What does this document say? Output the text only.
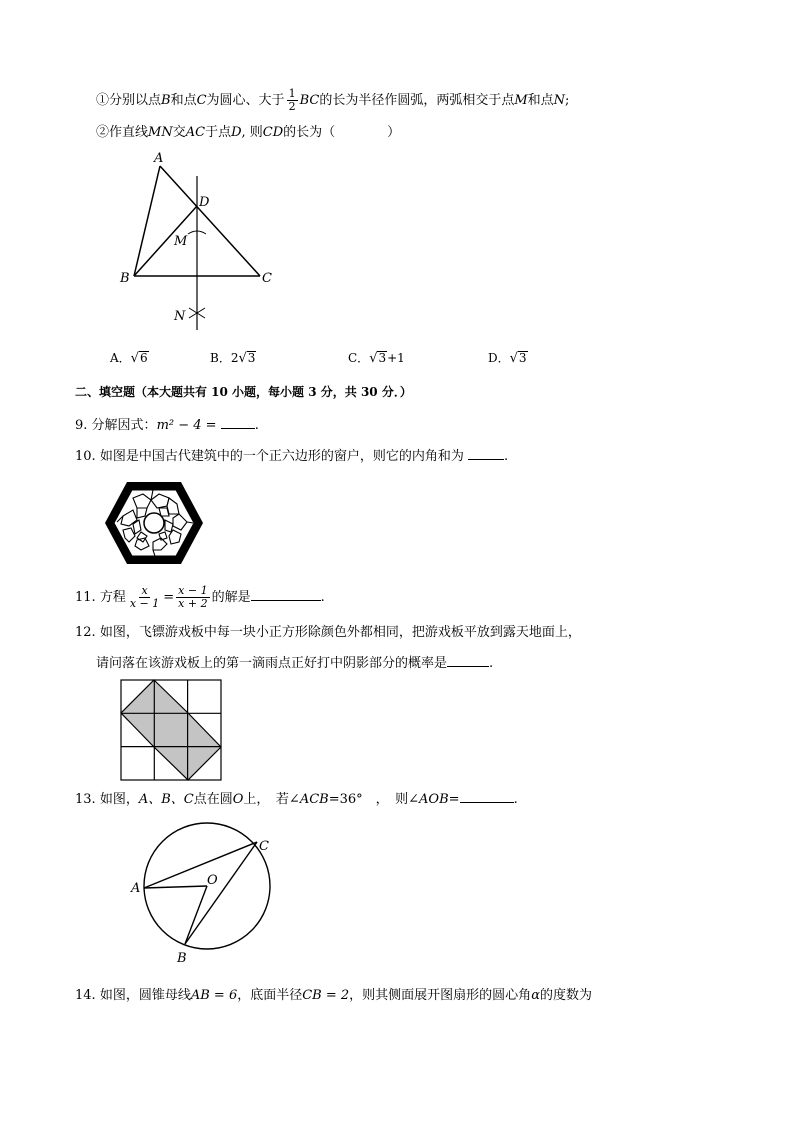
①分别以点B和点C为圆心、大于 $\frac{1}{2}$ BC的长为半径作圆弧，两弧相交于点M和点N;
②作直线MN交AC于点D, 则CD的长为（　　　　）
A
B	C
D
M
N
A．√6	B．2√3	C．√3+1	D．√3
二、填空题（本大题共有 10 小题，每小题 3 分，共 30 分．）
9. 分解因式：m² − 4 =	.
10. 如图是中国古代建筑中的一个正六边形的窗户，则它的内角和为	.
11. 方程 $\frac{x}{x - 1} = \frac{x - 1}{x + 2}$ 的解是	.
12. 如图，飞镖游戏板中每一块小正方形除颜色外都相同，把游戏板平放到露天地面上，
请问落在该游戏板上的第一滴雨点正好打中阴影部分的概率是	.
13. 如图，A、B、C点在圆O上，　若∠ACB=36°　，　则∠AOB=	.
A
B
C
O
14. 如图，圆锥母线AB = 6，底面半径CB = 2，则其侧面展开图扇形的圆心角α的度数为
